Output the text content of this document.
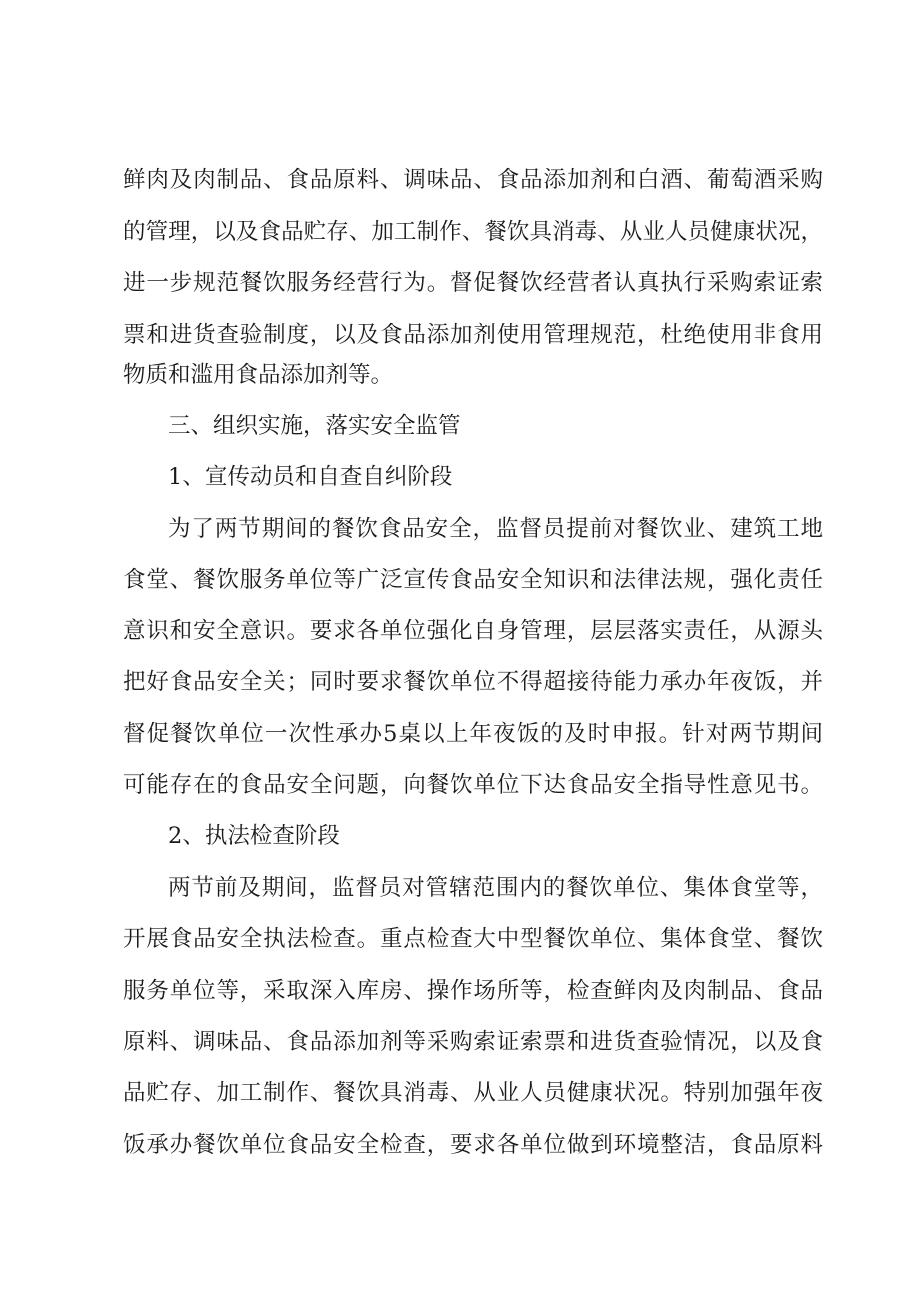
鲜肉及肉制品、食品原料、调味品、食品添加剂和白酒、葡萄酒采购

的管理，以及食品贮存、加工制作、餐饮具消毒、从业人员健康状况，

进一步规范餐饮服务经营行为。督促餐饮经营者认真执行采购索证索

票和进货查验制度，以及食品添加剂使用管理规范，杜绝使用非食用

物质和滥用食品添加剂等。

三、组织实施，落实安全监管

1、宣传动员和自查自纠阶段

为了两节期间的餐饮食品安全，监督员提前对餐饮业、建筑工地

食堂、餐饮服务单位等广泛宣传食品安全知识和法律法规，强化责任

意识和安全意识。要求各单位强化自身管理，层层落实责任，从源头

把好食品安全关；同时要求餐饮单位不得超接待能力承办年夜饭，并

督促餐饮单位一次性承办5桌以上年夜饭的及时申报。针对两节期间

可能存在的食品安全问题，向餐饮单位下达食品安全指导性意见书。

2、执法检查阶段

两节前及期间，监督员对管辖范围内的餐饮单位、集体食堂等，

开展食品安全执法检查。重点检查大中型餐饮单位、集体食堂、餐饮

服务单位等，采取深入库房、操作场所等，检查鲜肉及肉制品、食品

原料、调味品、食品添加剂等采购索证索票和进货查验情况，以及食

品贮存、加工制作、餐饮具消毒、从业人员健康状况。特别加强年夜

饭承办餐饮单位食品安全检查，要求各单位做到环境整洁，食品原料
